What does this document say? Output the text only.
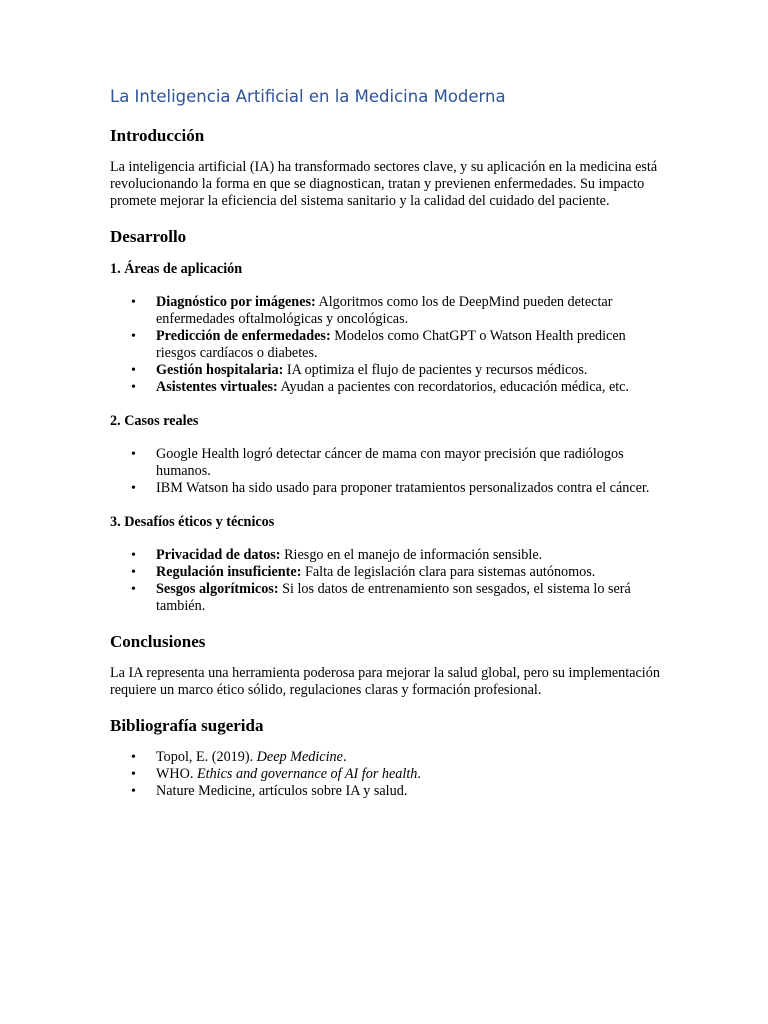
La Inteligencia Artificial en la Medicina Moderna
Introducción

La inteligencia artificial (IA) ha transformado sectores clave, y su aplicación en la medicina está revolucionando la forma en que se diagnostican, tratan y previenen enfermedades. Su impacto promete mejorar la eficiencia del sistema sanitario y la calidad del cuidado del paciente.

Desarrollo
1. Áreas de aplicación
•	Diagnóstico por imágenes: Algoritmos como los de DeepMind pueden detectar enfermedades oftalmológicas y oncológicas.
•	Predicción de enfermedades: Modelos como ChatGPT o Watson Health predicen riesgos cardíacos o diabetes.
•	Gestión hospitalaria: IA optimiza el flujo de pacientes y recursos médicos.
•	Asistentes virtuales: Ayudan a pacientes con recordatorios, educación médica, etc.
2. Casos reales
•	Google Health logró detectar cáncer de mama con mayor precisión que radiólogos humanos.
•	IBM Watson ha sido usado para proponer tratamientos personalizados contra el cáncer.
3. Desafíos éticos y técnicos
•	Privacidad de datos: Riesgo en el manejo de información sensible.
•	Regulación insuficiente: Falta de legislación clara para sistemas autónomos.
•	Sesgos algorítmicos: Si los datos de entrenamiento son sesgados, el sistema lo será también.
Conclusiones

La IA representa una herramienta poderosa para mejorar la salud global, pero su implementación requiere un marco ético sólido, regulaciones claras y formación profesional.

Bibliografía sugerida
•	Topol, E. (2019). Deep Medicine.
•	WHO. Ethics and governance of AI for health.
•	Nature Medicine, artículos sobre IA y salud.
